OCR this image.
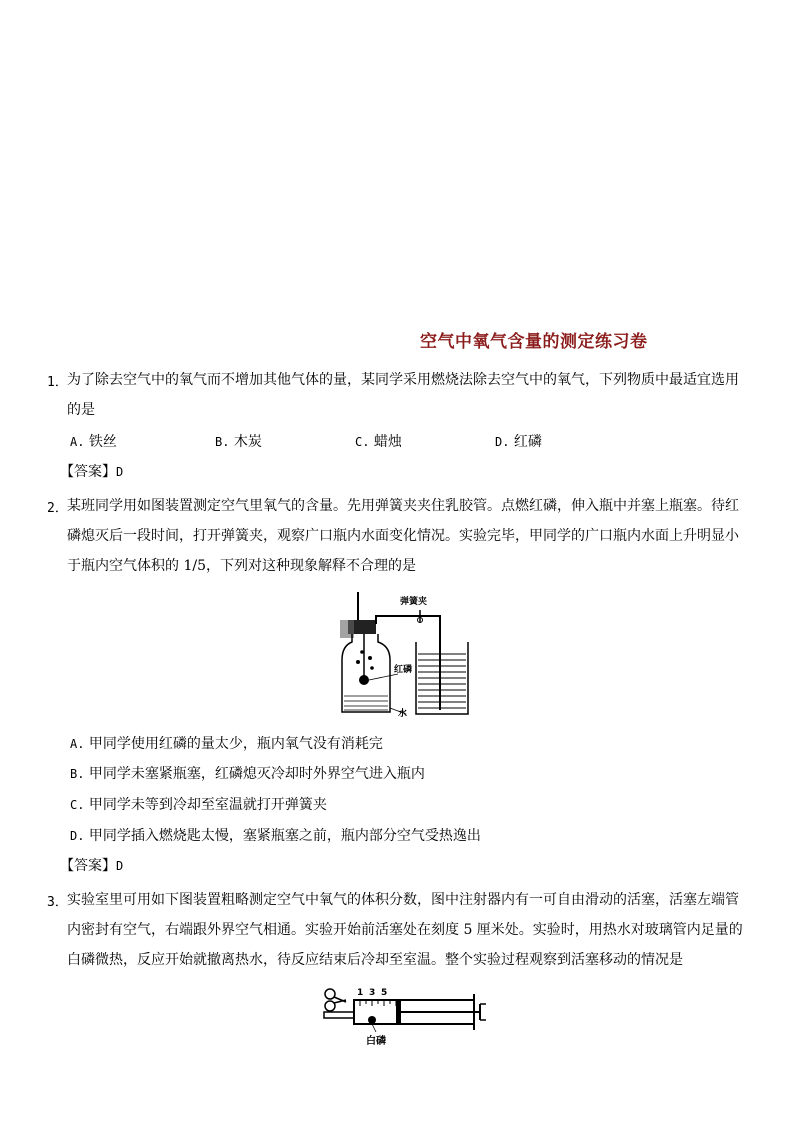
空气中氧气含量的测定练习卷
1． 为了除去空气中的氧气而不增加其他气体的量，某同学采用燃烧法除去空气中的氧气，下列物质中最适宜选用
的是
A. 铁丝	B. 木炭	C. 蜡烛	D. 红磷
【答案】D
2． 某班同学用如图装置测定空气里氧气的含量。先用弹簧夹夹住乳胶管。点燃红磷，伸入瓶中并塞上瓶塞。待红
磷熄灭后一段时间，打开弹簧夹，观察广口瓶内水面变化情况。实验完毕，甲同学的广口瓶内水面上升明显小
于瓶内空气体积的 1/5，下列对这种现象解释不合理的是
红磷
弹簧夹
水
A. 甲同学使用红磷的量太少，瓶内氧气没有消耗完
B. 甲同学未塞紧瓶塞，红磷熄灭冷却时外界空气进入瓶内
C. 甲同学未等到冷却至室温就打开弹簧夹
D. 甲同学插入燃烧匙太慢，塞紧瓶塞之前，瓶内部分空气受热逸出
【答案】D
3． 实验室里可用如下图装置粗略测定空气中氧气的体积分数，图中注射器内有一可自由滑动的活塞，活塞左端管
内密封有空气，右端跟外界空气相通。实验开始前活塞处在刻度 5 厘米处。实验时，用热水对玻璃管内足量的
白磷微热，反应开始就撤离热水，待反应结束后冷却至室温。整个实验过程观察到活塞移动的情况是
1 3 5
白磷
